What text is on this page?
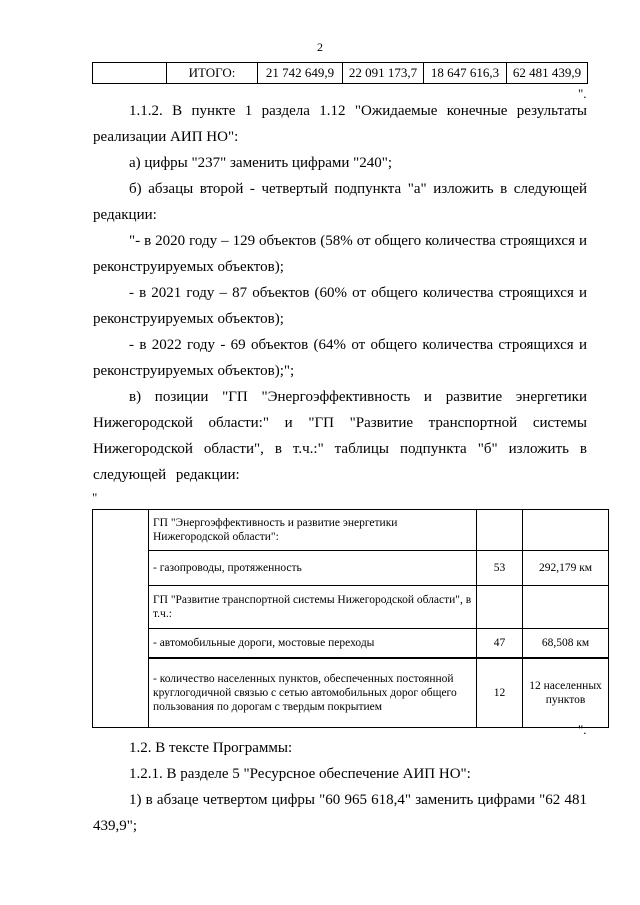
2
	ИТОГО:	21 742 649,9	22 091 173,7	18 647 616,3	62 481 439,9
".

1.1.2. В пункте 1 раздела 1.12 "Ожидаемые конечные результаты реализации АИП НО":

а) цифры "237" заменить цифрами "240";

б) абзацы второй - четвертый подпункта "а" изложить в следующей редакции:

"- в 2020 году – 129 объектов (58% от общего количества строящихся и реконструируемых объектов);

- в 2021 году – 87 объектов (60% от общего количества строящихся и реконструируемых объектов);

- в 2022 году - 69 объектов (64% от общего количества строящихся и реконструируемых объектов);";

в) позиции "ГП "Энергоэффективность и развитие энергетики Нижегородской области:" и "ГП "Развитие транспортной системы Нижегородской области", в т.ч.:" таблицы подпункта "б" изложить в следующей редакции:

"
	ГП "Энергоэффективность и развитие энергетики Нижегородской области":		
	- газопроводы, протяженность	53	292,179 км
	ГП "Развитие транспортной системы Нижегородской области", в т.ч.:		
	- автомобильные дороги, мостовые переходы	47	68,508 км
	- количество населенных пунктов, обеспеченных постоянной круглогодичной связью с сетью автомобильных дорог общего пользования по дорогам с твердым покрытием	12	12 населенных пунктов
".

1.2. В тексте Программы:

1.2.1. В разделе 5 "Ресурсное обеспечение АИП НО":

1) в абзаце четвертом цифры "60 965 618,4" заменить цифрами "62 481 439,9";
